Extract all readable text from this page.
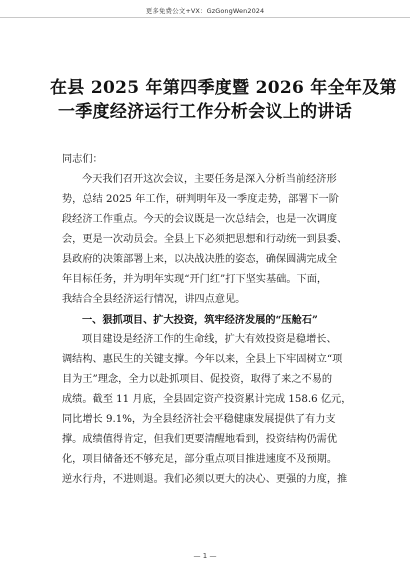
更多免费公文+VX：GzGongWen2024
在县 2025 年第四季度暨 2026 年全年及第
一季度经济运行工作分析会议上的讲话
同志们：
今天我们召开这次会议，主要任务是深入分析当前经济形
势，总结 2025 年工作，研判明年及一季度走势，部署下一阶
段经济工作重点。今天的会议既是一次总结会，也是一次调度
会，更是一次动员会。全县上下必须把思想和行动统一到县委、
县政府的决策部署上来，以决战决胜的姿态，确保圆满完成全
年目标任务，并为明年实现“开门红”打下坚实基础。下面，
我结合全县经济运行情况，讲四点意见。
一、狠抓项目、扩大投资，筑牢经济发展的“压舱石”
项目建设是经济工作的生命线，扩大有效投资是稳增长、
调结构、惠民生的关键支撑。今年以来，全县上下牢固树立“项
目为王”理念，全力以赴抓项目、促投资，取得了来之不易的
成绩。截至 11 月底，全县固定资产投资累计完成 158.6 亿元，
同比增长 9.1%，为全县经济社会平稳健康发展提供了有力支
撑。成绩值得肯定，但我们更要清醒地看到，投资结构仍需优
化，项目储备还不够充足，部分重点项目推进速度不及预期。
逆水行舟，不进则退。我们必须以更大的决心、更强的力度，推
— 1 —
